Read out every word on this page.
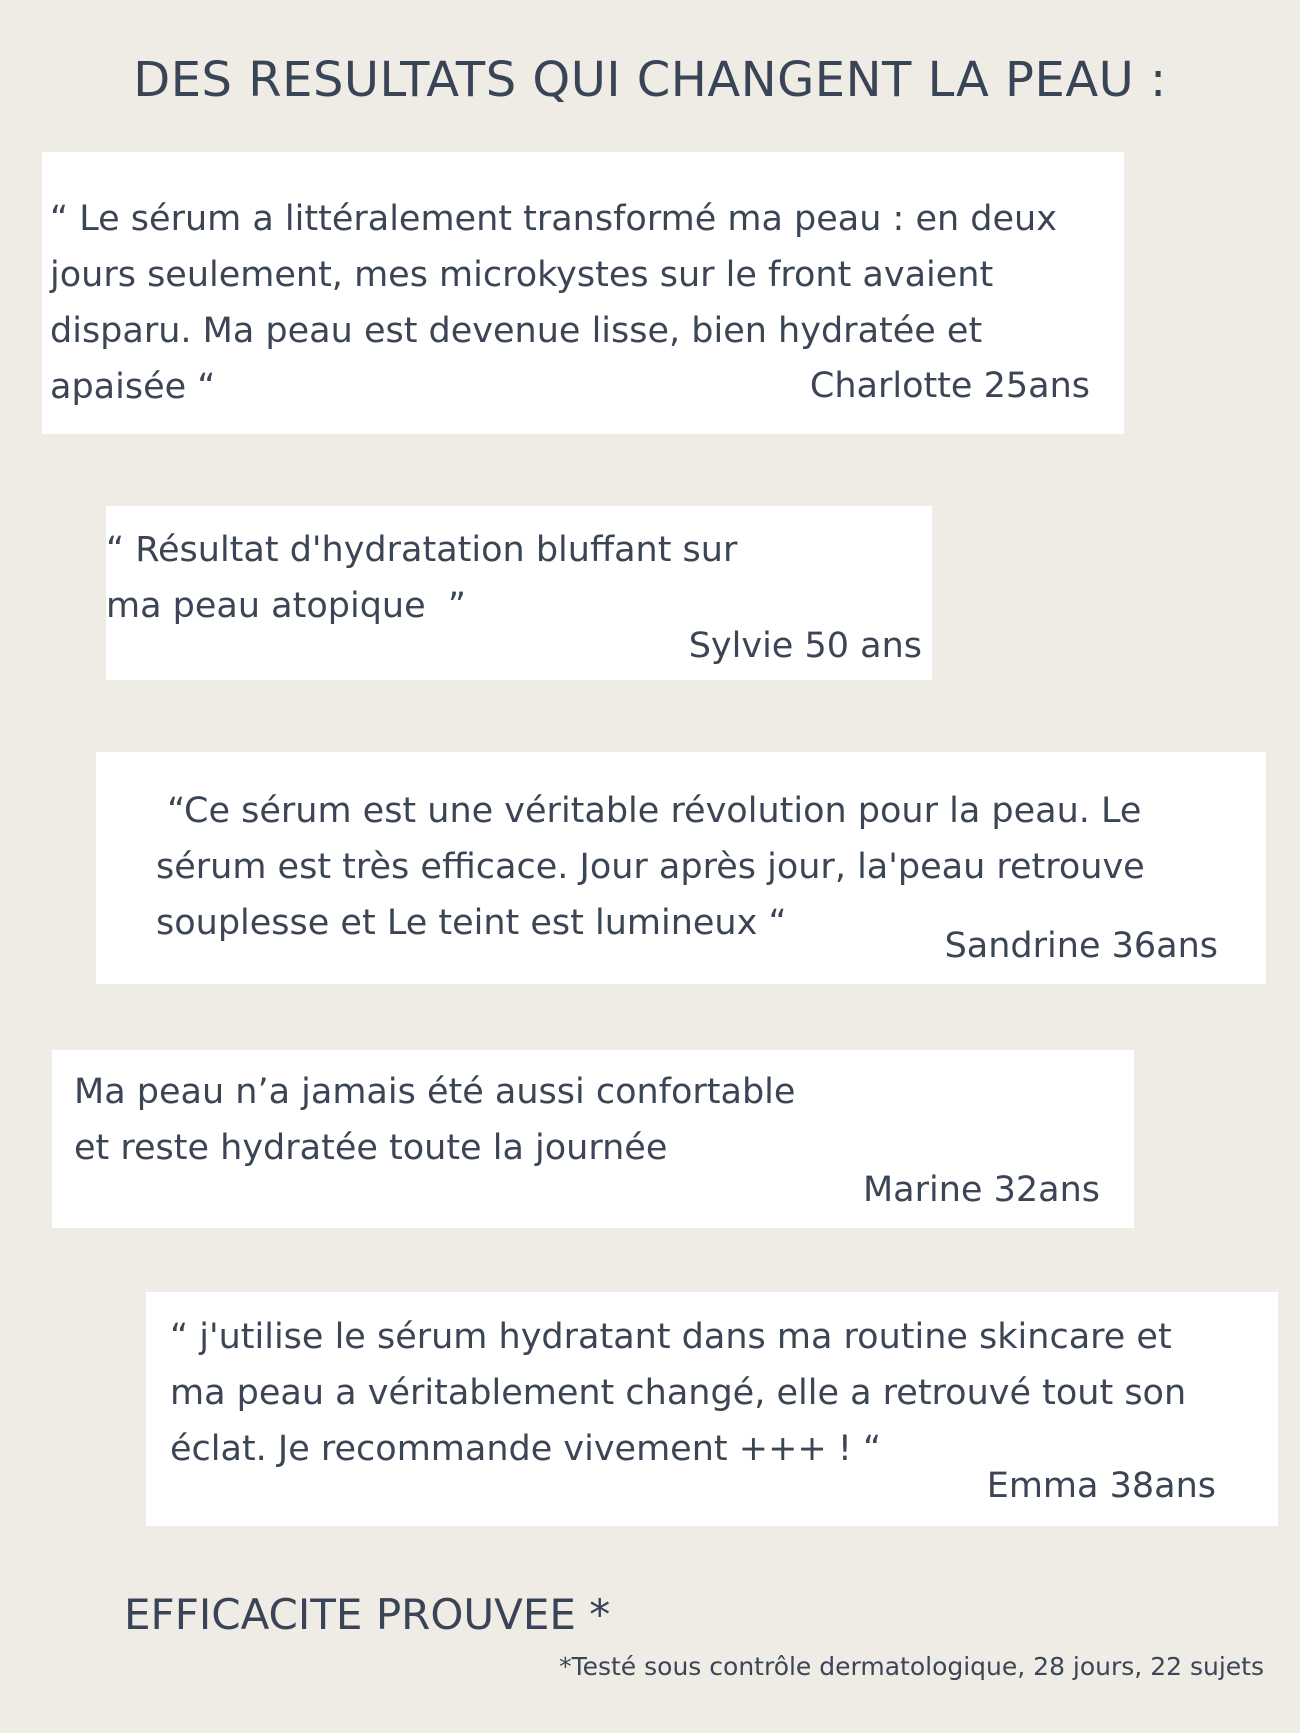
DES RESULTATS QUI CHANGENT LA PEAU :
“ Le sérum a littéralement transformé ma peau : en deux
jours seulement, mes microkystes sur le front avaient
disparu. Ma peau est devenue lisse, bien hydratée et
apaisée “	Charlotte 25ans
“ Résultat d'hydratation bluffant sur
ma peau atopique  ”
Sylvie 50 ans
“Ce sérum est une véritable révolution pour la peau. Le
sérum est très efficace. Jour après jour, la'peau retrouve
souplesse et Le teint est lumineux “
Sandrine 36ans
Ma peau n’a jamais été aussi confortable
et reste hydratée toute la journée
Marine 32ans
“ j'utilise le sérum hydratant dans ma routine skincare et
ma peau a véritablement changé, elle a retrouvé tout son
éclat. Je recommande vivement +++ ! “
Emma 38ans
EFFICACITE PROUVEE *
*Testé sous contrôle dermatologique, 28 jours, 22 sujets
